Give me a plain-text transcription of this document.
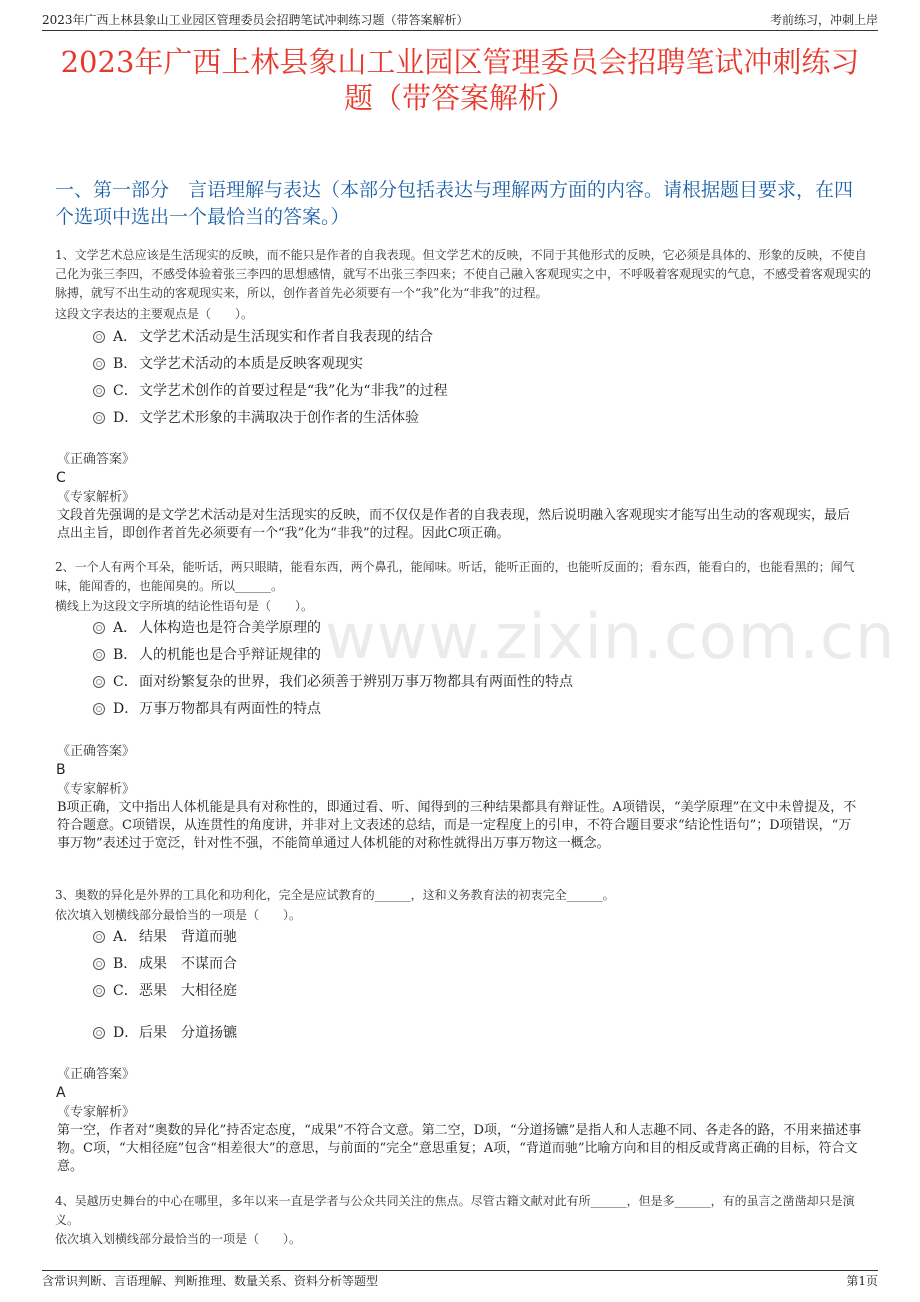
2023年广西上林县象山工业园区管理委员会招聘笔试冲刺练习题（带答案解析）	考前练习，冲刺上岸
2023年广西上林县象山工业园区管理委员会招聘笔试冲刺练习题（带答案解析）
一、第一部分　言语理解与表达（本部分包括表达与理解两方面的内容。请根据题目要求，在四个选项中选出一个最恰当的答案。）
www.zixin.com.cn
1、文学艺术总应该是生活现实的反映，而不能只是作者的自我表现。但文学艺术的反映，不同于其他形式的反映，它必须是具体的、形象的反映，不使自己化为张三李四，不感受体验着张三李四的思想感情，就写不出张三李四来；不使自己融入客观现实之中，不呼吸着客观现实的气息，不感受着客观现实的脉搏，就写不出生动的客观现实来，所以，创作者首先必须要有一个“我”化为“非我”的过程。
这段文字表达的主要观点是（　　）。
A． 文学艺术活动是生活现实和作者自我表现的结合
B． 文学艺术活动的本质是反映客观现实
C．文学艺术创作的首要过程是“我”化为“非我”的过程
D．文学艺术形象的丰满取决于创作者的生活体验
《正确答案》
C
《专家解析》
文段首先强调的是文学艺术活动是对生活现实的反映，而不仅仅是作者的自我表现，然后说明融入客观现实才能写出生动的客观现实，最后点出主旨，即创作者首先必须要有一个“我”化为“非我”的过程。因此C项正确。
2、一个人有两个耳朵，能听话，两只眼睛，能看东西，两个鼻孔，能闻味。听话，能听正面的，也能听反面的；看东西，能看白的，也能看黑的；闻气味，能闻香的，也能闻臭的。所以______。
横线上为这段文字所填的结论性语句是（　　）。
A． 人体构造也是符合美学原理的
B． 人的机能也是合乎辩证规律的
C．面对纷繁复杂的世界，我们必须善于辨别万事万物都具有两面性的特点
D．万事万物都具有两面性的特点
《正确答案》
B
《专家解析》
B项正确，文中指出人体机能是具有对称性的，即通过看、听、闻得到的三种结果都具有辩证性。A项错误，“美学原理”在文中未曾提及，不符合题意。C项错误，从连贯性的角度讲，并非对上文表述的总结，而是一定程度上的引申，不符合题目要求“结论性语句”；D项错误，“万事万物”表述过于宽泛，针对性不强，不能简单通过人体机能的对称性就得出万事万物这一概念。
3、奥数的异化是外界的工具化和功利化，完全是应试教育的______，这和义务教育法的初衷完全______。
依次填入划横线部分最恰当的一项是（　　）。
A． 结果　背道而驰
B． 成果　不谋而合
C．恶果　大相径庭
D．后果　分道扬镳
《正确答案》
A
《专家解析》
第一空，作者对“奥数的异化”持否定态度，“成果”不符合文意。第二空，D项，“分道扬镳”是指人和人志趣不同、各走各的路，不用来描述事物。C项，“大相径庭”包含“相差很大”的意思，与前面的“完全”意思重复；A项，“背道而驰”比喻方向和目的相反或背离正确的目标，符合文意。
4、吴越历史舞台的中心在哪里，多年以来一直是学者与公众共同关注的焦点。尽管古籍文献对此有所______，但是多______，有的虽言之凿凿却只是演义。
依次填入划横线部分最恰当的一项是（　　）。
含常识判断、言语理解、判断推理、数量关系、资料分析等题型	第1页
